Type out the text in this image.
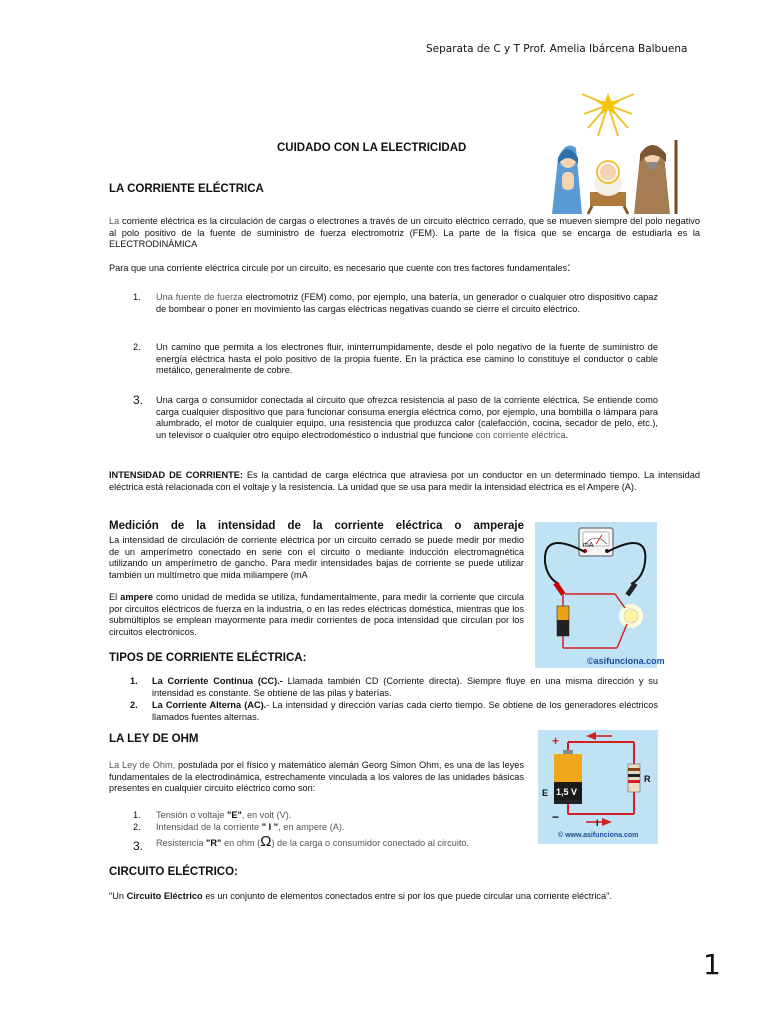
Separata de C y T Prof. Amelia Ibárcena Balbuena
CUIDADO CON LA ELECTRICIDAD
LA CORRIENTE ELÉCTRICA
La corriente eléctrica es la circulación de cargas o electrones a través de un circuito eléctrico cerrado, que se mueven siempre del polo negativo al polo positivo de la fuente de suministro de fuerza electromotriz (FEM). La parte de la física que se encarga de estudiarla es la ELECTRODINÁMICA
Para que una corriente eléctrica circule por un circuito, es necesario que cuente con tres factores fundamentales:
1. Una fuente de fuerza electromotriz (FEM) como, por ejemplo, una batería, un generador o cualquier otro dispositivo capaz de bombear o poner en movimiento las cargas eléctricas negativas cuando se cierre el circuito eléctrico.
2. Un camino que permita a los electrones fluir, ininterrumpidamente, desde el polo negativo de la fuente de suministro de energía eléctrica hasta el polo positivo de la propia fuente. En la práctica ese camino lo constituye el conductor o cable metálico, generalmente de cobre.
3. Una carga o consumidor conectada al circuito que ofrezca resistencia al paso de la corriente eléctrica. Se entiende como carga cualquier dispositivo que para funcionar consuma energía eléctrica como, por ejemplo, una bombilla o lámpara para alumbrado, el motor de cualquier equipo, una resistencia que produzca calor (calefacción, cocina, secador de pelo, etc.), un televisor o cualquier otro equipo electrodoméstico o industrial que funcione con corriente eléctrica.
INTENSIDAD DE CORRIENTE: Es la cantidad de carga eléctrica que atraviesa por un conductor en un determinado tiempo. La intensidad eléctrica está relacionada con el voltaje y la resistencia. La unidad que se usa para medir la intensidad eléctrica es el Ampere (A).
Medición de la intensidad de la corriente eléctrica o amperaje
La intensidad de circulación de corriente eléctrica por un circuito cerrado se puede medir por medio de un amperímetro conectado en serie con el circuito o mediante inducción electromagnética utilizando un amperímetro de gancho. Para medir intensidades bajas de corriente se puede utilizar también un multímetro que mida miliampere (mA
El ampere como unidad de medida se utiliza, fundamentalmente, para medir la corriente que circula por circuitos eléctricos de fuerza en la industria, o en las redes eléctricas doméstica, mientras que los submúltiplos se emplean mayormente para medir corrientes de poca intensidad que circulan por los circuitos electrónicos.
mA
©asifunciona.com
TIPOS DE CORRIENTE ELÉCTRICA:
1. La Corriente Continua (CC).- Llamada también CD (Corriente directa). Siempre fluye en una misma dirección y su intensidad es constante. Se obtiene de las pilas y baterías.
2. La Corriente Alterna (AC).- La intensidad y dirección varías cada cierto tiempo. Se obtiene de los generadores eléctricos llamados fuentes alternas.
LA LEY DE OHM
La Ley de Ohm, postulada por el físico y matemático alemán Georg Simon Ohm, es una de las leyes fundamentales de la electrodinámica, estrechamente vinculada a los valores de las unidades básicas presentes en cualquier circuito eléctrico como son:
1. Tensión o voltaje "E", en volt (V).
2. Intensidad de la corriente " I ", en ampere (A).
3. Resistencia "R" en ohm (Ω) de la carga o consumidor conectado al circuito.
+
−
E 1,5 V
R
I
© www.asifunciona.com
CIRCUITO ELÉCTRICO:
"Un Circuito Eléctrico es un conjunto de elementos conectados entre si por los que puede circular una corriente eléctrica".
1
